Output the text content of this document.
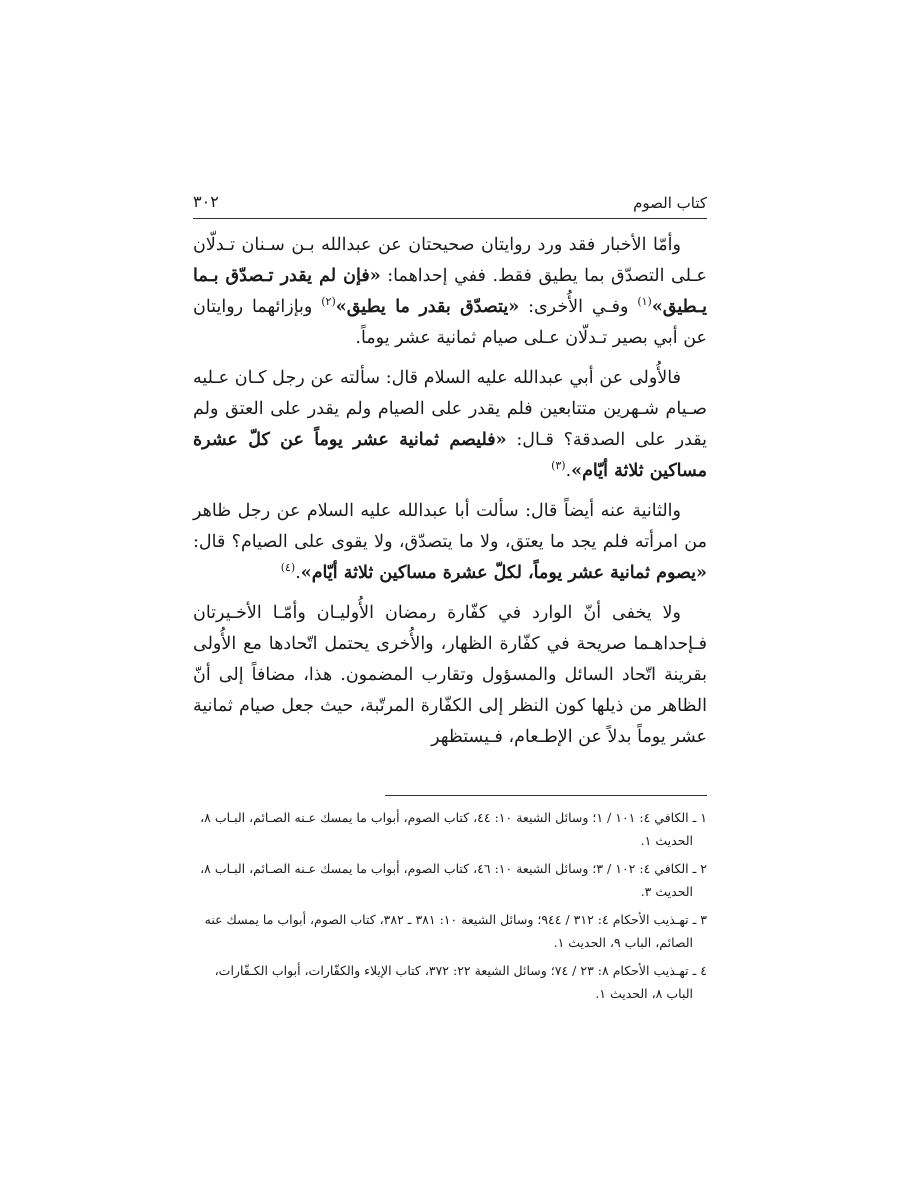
كتاب الصوم
٣٠٢

وأمّا الأخبار فقد ورد روايتان صحيحتان عن عبدالله بـن سـنان تـدلّان عـلى التصدّق بما يطيق فقط. ففي إحداهما: «فإن لم يقدر تـصدّق بـما يـطيق»$^{(١)}$ وفـي الأُخرى: «يتصدّق بقدر ما يطيق»$^{(٢)}$ وبإزائهما روايتان عن أبي بصير تـدلّان عـلى صيام ثمانية عشر يوماً.

فالأُولى عن أبي عبدالله عليه السلام قال: سألته عن رجل كـان عـليه صـيام شـهرين متتابعين فلم يقدر على الصيام ولم يقدر على العتق ولم يقدر على الصدقة؟ قـال: «فليصم ثمانية عشر يوماً عن كلّ عشرة مساكين ثلاثة أيّام».$^{(٣)}$

والثانية عنه أيضاً قال: سألت أبا عبدالله عليه السلام عن رجل ظاهر من امرأته فلم يجد ما يعتق، ولا ما يتصدّق، ولا يقوى على الصيام؟ قال: «يصوم ثمانية عشر يوماً، لكلّ عشرة مساكين ثلاثة أيّام».$^{(٤)}$

ولا يخفى أنّ الوارد في كفّارة رمضان الأُوليـان وأمّـا الأخـيرتان فـإحداهـما صريحة في كفّارة الظهار، والأُخرى يحتمل اتّحادها مع الأُولى بقرينة اتّحاد السائل والمسؤول وتقارب المضمون. هذا، مضافاً إلى أنّ الظاهر من ذيلها كون النظر إلى الكفّارة المرتّبة، حيث جعل صيام ثمانية عشر يوماً بدلاً عن الإطـعام، فـيستظهر

١ ـ الكافي ٤: ١٠١ / ١؛ وسائل الشيعة ١٠: ٤٤، كتاب الصوم، أبواب ما يمسك عـنه الصـائم، البـاب ٨،
الحديث ١.

٢ ـ الكافي ٤: ١٠٢ / ٣؛ وسائل الشيعة ١٠: ٤٦، كتاب الصوم، أبواب ما يمسك عـنه الصـائم، البـاب ٨،
الحديث ٣.

٣ ـ تهـذيب الأحكام ٤: ٣١٢ / ٩٤٤؛ وسائل الشيعة ١٠: ٣٨١ ـ ٣٨٢، كتاب الصوم، أبواب ما يمسك عنه
الصائم، الباب ٩، الحديث ١.

٤ ـ تهـذيب الأحكام ٨: ٢٣ / ٧٤؛ وسائل الشيعة ٢٢: ٣٧٢، كتاب الإيلاء والكفّارات، أبواب الكـفّارات،
الباب ٨، الحديث ١.
